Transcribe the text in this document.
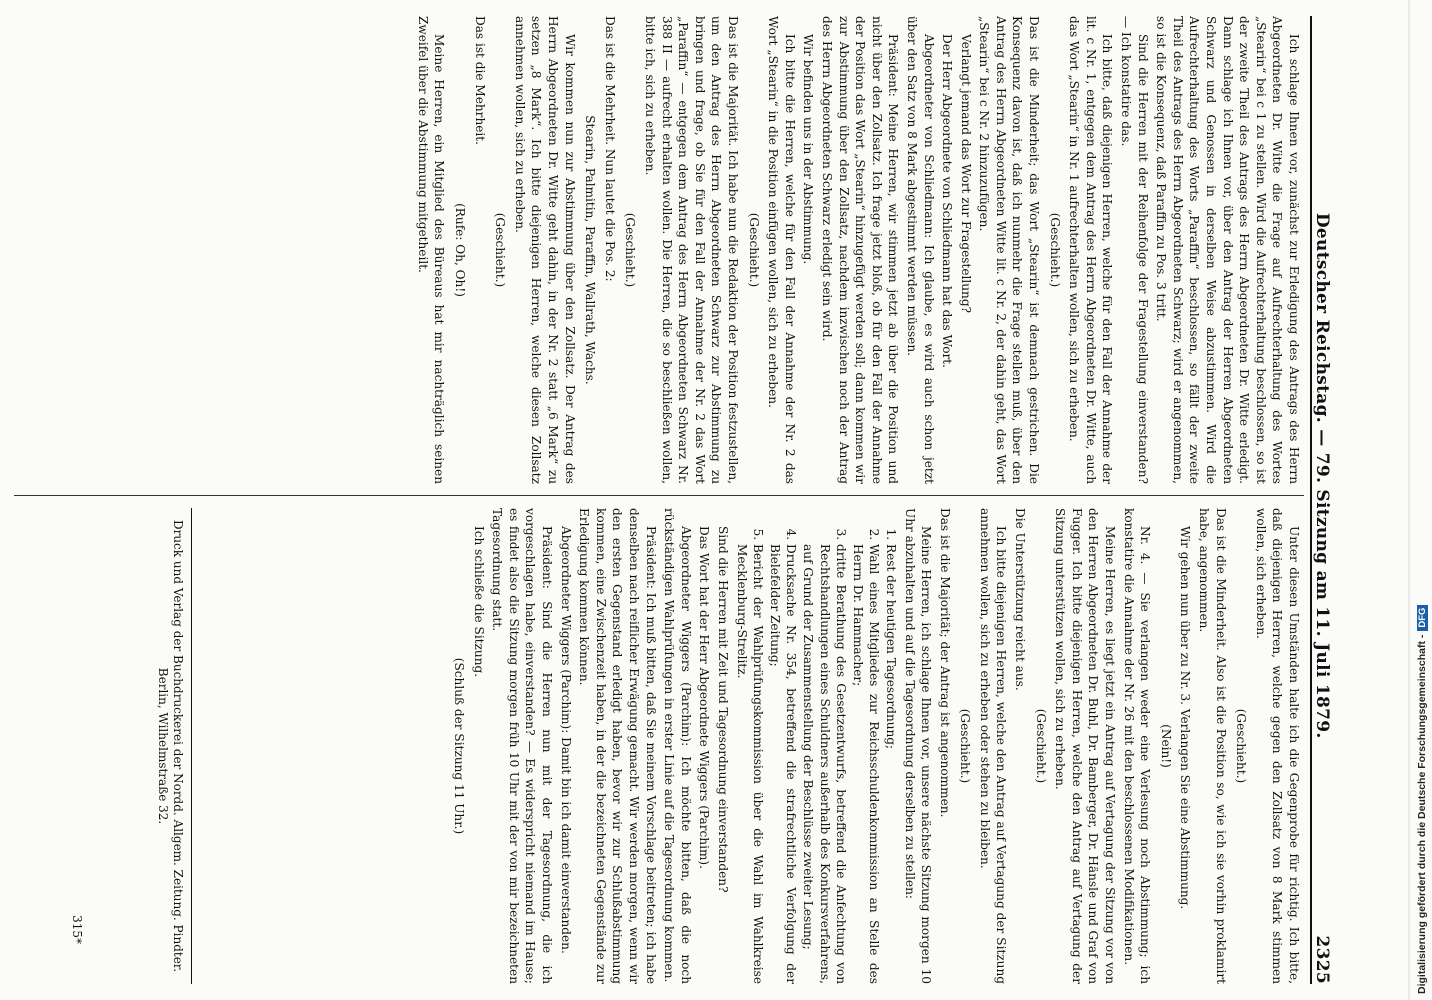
Deutscher Reichstag. — 79. Sitzung am 11. Juli 1879.
2325

Ich schlage Ihnen vor, zunächst zur Erledigung des Antrags des Herrn Abgeordneten Dr. Witte die Frage auf Aufrechterhaltung des Wortes „Stearin“ bei c 1 zu stellen. Wird die Aufrechterhaltung beschlossen, so ist der zweite Theil des Antrags des Herrn Abgeordneten Dr. Witte erledigt. Dann schlage ich Ihnen vor, über den Antrag der Herren Abgeordneten Schwarz und Genossen in derselben Weise abzustimmen. Wird die Aufrechterhaltung des Worts „Paraffin“ beschlossen, so fällt der zweite Theil des Antrags des Herrn Abgeordneten Schwarz; wird er angenommen, so ist die Konsequenz, daß Paraffin zu Pos. 3 tritt.

Sind die Herren mit der Reihenfolge der Fragestellung einverstanden? — Ich konstatire das.

Ich bitte, daß diejenigen Herren, welche für den Fall der Annahme der lit. c Nr. 1, entgegen dem Antrag des Herrn Abgeordneten Dr. Witte, auch das Wort „Stearin“ in Nr. 1 aufrechterhalten wollen, sich zu erheben.

(Geschieht.)

Das ist die Minderheit; das Wort „Stearin“ ist demnach gestrichen. Die Konsequenz davon ist, daß ich nunmehr die Frage stellen muß, über den Antrag des Herrn Abgeordneten Witte lit. c Nr. 2, der dahin geht, das Wort „Stearin“ bei c Nr. 2 hinzuzufügen.

Verlangt jemand das Wort zur Fragestellung?

Der Herr Abgeordnete von Schliedmann hat das Wort.

Abgeordneter von Schliedmann: Ich glaube, es wird auch schon jetzt über den Satz von 8 Mark abgestimmt werden müssen.

Präsident: Meine Herren, wir stimmen jetzt ab über die Position und nicht über den Zollsatz. Ich frage jetzt bloß, ob für den Fall der Annahme der Position das Wort „Stearin“ hinzugefügt werden soll; dann kommen wir zur Abstimmung über den Zollsatz, nachdem inzwischen noch der Antrag des Herrn Abgeordneten Schwarz erledigt sein wird.

Wir befinden uns in der Abstimmung.

Ich bitte die Herren, welche für den Fall der Annahme der Nr. 2 das Wort „Stearin“ in die Position einfügen wollen, sich zu erheben.

(Geschieht.)

Das ist die Majorität. Ich habe nun die Redaktion der Position festzustellen, um den Antrag des Herrn Abgeordneten Schwarz zur Abstimmung zu bringen und frage, ob Sie für den Fall der Annahme der Nr. 2 das Wort „Paraffin“ — entgegen dem Antrag des Herrn Abgeordneten Schwarz Nr. 388 II — aufrecht erhalten wollen. Die Herren, die so beschließen wollen, bitte ich, sich zu erheben.

(Geschieht.)

Das ist die Mehrheit. Nun lautet die Pos. 2:

Stearin, Palmitin, Paraffin, Wallrath, Wachs.

Wir kommen nun zur Abstimmung über den Zollsatz. Der Antrag des Herrn Abgeordneten Dr. Witte geht dahin, in der Nr. 2 statt „6 Mark“ zu setzen „8 Mark“. Ich bitte diejenigen Herren, welche diesen Zollsatz annehmen wollen, sich zu erheben.

(Geschieht.)

Das ist die Mehrheit.

(Rufe: Oh, Oh!)

Meine Herren, ein Mitglied des Büreaus hat mir nachträglich seinen Zweifel über die Abstimmung mitgetheilt.

Unter diesen Umständen halte ich die Gegenprobe für richtig. Ich bitte, daß diejenigen Herren, welche gegen den Zollsatz von 8 Mark stimmen wollen, sich erheben.

(Geschieht.)

Das ist die Minderheit. Also ist die Position so, wie ich sie vorhin proklamirt habe, angenommen.

Wir gehen nun über zu Nr. 3. Verlangen Sie eine Abstimmung.

(Nein!)

Nr. 4. — Sie verlangen weder eine Verlesung noch Abstimmung; ich konstatire die Annahme der Nr. 26 mit den beschlossenen Modifikationen.

Meine Herren, es liegt jetzt ein Antrag auf Vertagung der Sitzung vor von den Herren Abgeordneten Dr. Buhl, Dr. Bamberger, Dr. Hänsle und Graf von Fugger. Ich bitte diejenigen Herren, welche den Antrag auf Vertagung der Sitzung unterstützen wollen, sich zu erheben.

(Geschieht.)

Die Unterstützung reicht aus.

Ich bitte diejenigen Herren, welche den Antrag auf Vertagung der Sitzung annehmen wollen, sich zu erheben oder stehen zu bleiben.

(Geschieht.)

Das ist die Majorität; der Antrag ist angenommen.

Meine Herren, ich schlage Ihnen vor, unsere nächste Sitzung morgen 10 Uhr abzuhalten und auf die Tagesordnung derselben zu stellen:

1. Rest der heutigen Tagesordnung;
2. Wahl eines Mitgliedes zur Reichsschuldenkommission an Stelle des Herrn Dr. Hammacher;
3. dritte Berathung des Gesetzentwurfs, betreffend die Anfechtung von Rechtshandlungen eines Schuldners außerhalb des Konkursverfahrens, auf Grund der Zusammenstellung der Beschlüsse zweiter Lesung;
4. Drucksache Nr. 354, betreffend die strafrechtliche Verfolgung der Bielefelder Zeitung;
5. Bericht der Wahlprüfungskommission über die Wahl im Wahlkreise Mecklenburg-Strelitz.

Sind die Herren mit Zeit und Tagesordnung einverstanden?

Das Wort hat der Herr Abgeordnete Wiggers (Parchim).

Abgeordneter Wiggers (Parchim): Ich möchte bitten, daß die noch rückständigen Wahlprüfungen in erster Linie auf die Tagesordnung kommen.

Präsident: Ich muß bitten, daß Sie meinem Vorschlage beitreten; ich habe denselben nach reiflicher Erwägung gemacht. Wir werden morgen, wenn wir den ersten Gegenstand erledigt haben, bevor wir zur Schlußabstimmung kommen, eine Zwischenzeit haben, in der die bezeichneten Gegenstände zur Erledigung kommen können.

Abgeordneter Wiggers (Parchim): Damit bin ich damit einverstanden.

Präsident: Sind die Herren nun mit der Tagesordnung, die ich vorgeschlagen habe, einverstanden? — Es widerspricht niemand im Hause; es findet also die Sitzung morgen früh 10 Uhr mit der von mir bezeichneten Tagesordnung statt.

Ich schließe die Sitzung.

(Schluß der Sitzung 11 Uhr.)

Druck und Verlag der Buchdruckerei der Nordd. Allgem. Zeitung. Pindter.
Berlin, Wilhelmstraße 32.
315*	Digitalisierung gefördert durch die Deutsche Forschungsgemeinschaft -DFG
